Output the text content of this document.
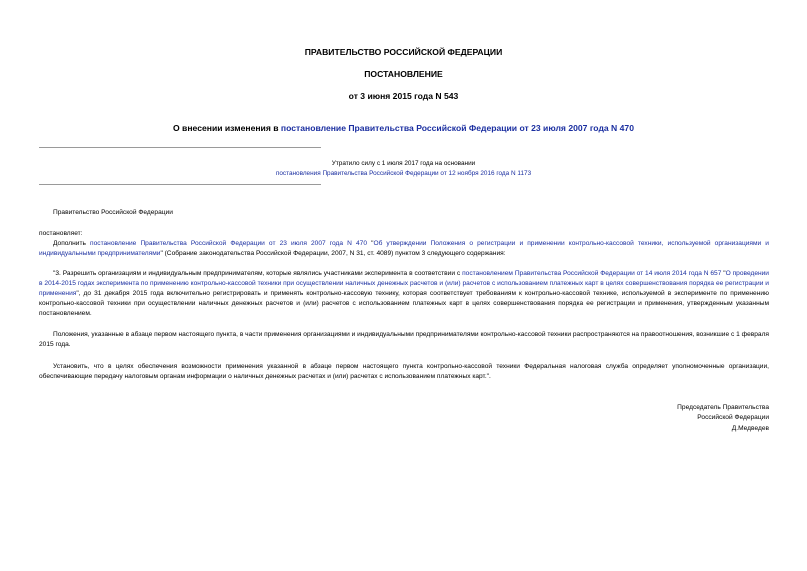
ПРАВИТЕЛЬСТВО РОССИЙСКОЙ ФЕДЕРАЦИИ
ПОСТАНОВЛЕНИЕ
от 3 июня 2015 года N 543
О внесении изменения в постановление Правительства Российской Федерации от 23 июля 2007 года N 470
Утратило силу с 1 июля 2017 года на основании
постановления Правительства Российской Федерации от 12 ноября 2016 года N 1173
Правительство Российской Федерации
постановляет:

Дополнить постановление Правительства Российской Федерации от 23 июля 2007 года N 470 "Об утверждении Положения о регистрации и применении контрольно-кассовой техники, используемой организациями и индивидуальными предпринимателями" (Собрание законодательства Российской Федерации, 2007, N 31, ст. 4089) пунктом 3 следующего содержания:

"3. Разрешить организациям и индивидуальным предпринимателям, которые являлись участниками эксперимента в соответствии с постановлением Правительства Российской Федерации от 14 июля 2014 года N 657 "О проведении в 2014-2015 годах эксперимента по применению контрольно-кассовой техники при осуществлении наличных денежных расчетов и (или) расчетов с использованием платежных карт в целях совершенствования порядка ее регистрации и применения", до 31 декабря 2015 года включительно регистрировать и применять контрольно-кассовую технику, которая соответствует требованиям к контрольно-кассовой технике, используемой в эксперименте по применению контрольно-кассовой техники при осуществлении наличных денежных расчетов и (или) расчетов с использованием платежных карт в целях совершенствования порядка ее регистрации и применения, утвержденным указанным постановлением.

Положения, указанные в абзаце первом настоящего пункта, в части применения организациями и индивидуальными предпринимателями контрольно-кассовой техники распространяются на правоотношения, возникшие с 1 февраля 2015 года.

Установить, что в целях обеспечения возможности применения указанной в абзаце первом настоящего пункта контрольно-кассовой техники Федеральная налоговая служба определяет уполномоченные организации, обеспечивающие передачу налоговым органам информации о наличных денежных расчетах и (или) расчетах с использованием платежных карт.".

Председатель Правительства
Российской Федерации
Д.Медведев
